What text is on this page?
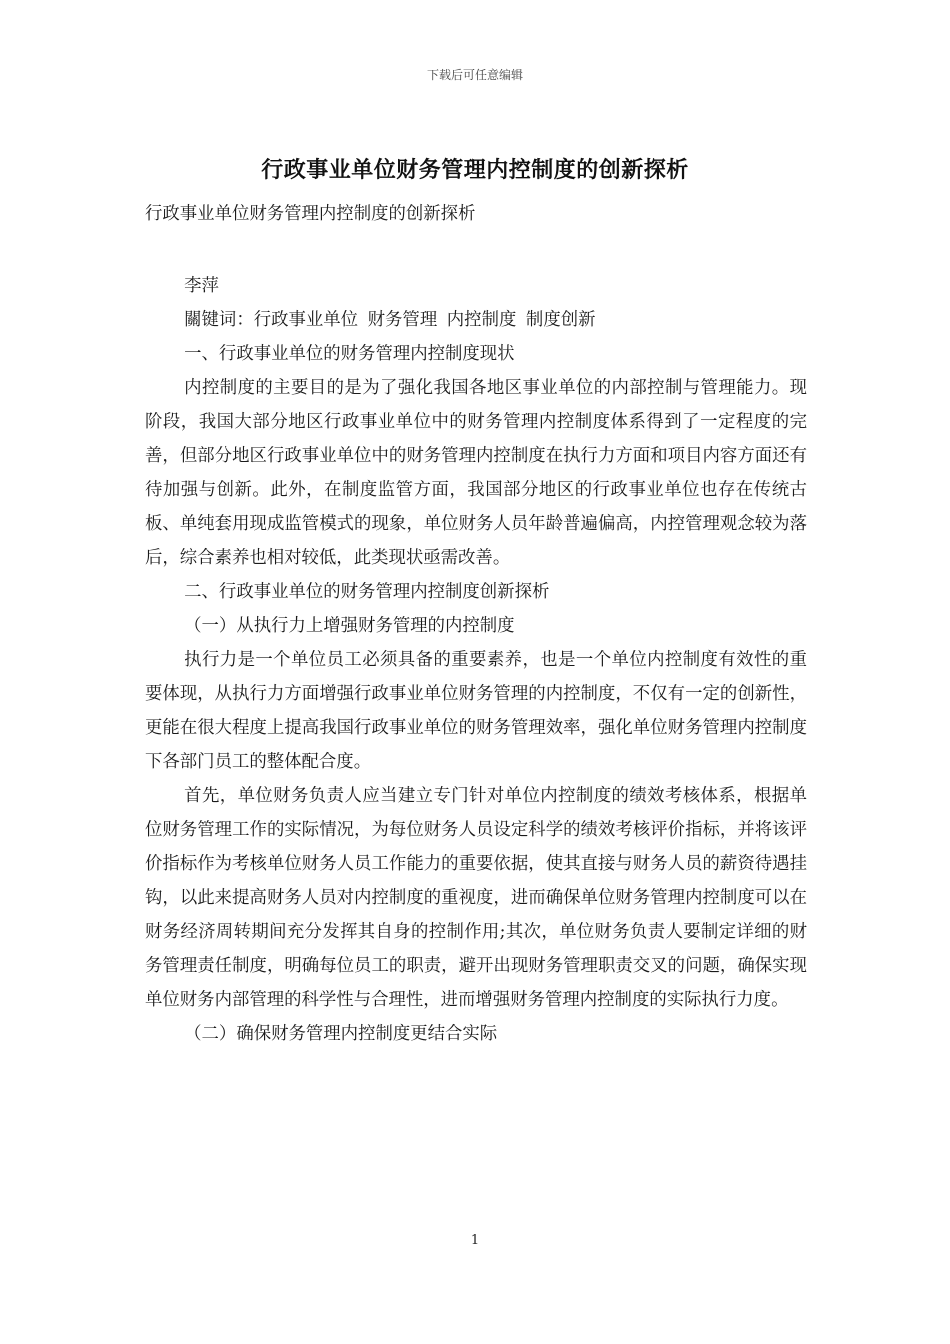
下载后可任意编辑
行政事业单位财务管理内控制度的创新探析

行政事业单位财务管理内控制度的创新探析

李萍

關键词：行政事业单位 财务管理 内控制度 制度创新

一、行政事业单位的财务管理内控制度现状

内控制度的主要目的是为了强化我国各地区事业单位的内部控制与管理能力。现阶段，我国大部分地区行政事业单位中的财务管理内控制度体系得到了一定程度的完善，但部分地区行政事业单位中的财务管理内控制度在执行力方面和项目内容方面还有待加强与创新。此外，在制度监管方面，我国部分地区的行政事业单位也存在传统古板、单纯套用现成监管模式的现象，单位财务人员年龄普遍偏高，内控管理观念较为落后，综合素养也相对较低，此类现状亟需改善。

二、行政事业单位的财务管理内控制度创新探析

（一）从执行力上增强财务管理的内控制度

执行力是一个单位员工必须具备的重要素养，也是一个单位内控制度有效性的重要体现，从执行力方面增强行政事业单位财务管理的内控制度，不仅有一定的创新性，更能在很大程度上提高我国行政事业单位的财务管理效率，强化单位财务管理内控制度下各部门员工的整体配合度。

首先，单位财务负责人应当建立专门针对单位内控制度的绩效考核体系，根据单位财务管理工作的实际情况，为每位财务人员设定科学的绩效考核评价指标，并将该评价指标作为考核单位财务人员工作能力的重要依据，使其直接与财务人员的薪资待遇挂钩，以此来提高财务人员对内控制度的重视度，进而确保单位财务管理内控制度可以在财务经济周转期间充分发挥其自身的控制作用;其次，单位财务负责人要制定详细的财务管理责任制度，明确每位员工的职责，避开出现财务管理职责交叉的问题，确保实现单位财务内部管理的科学性与合理性，进而增强财务管理内控制度的实际执行力度。

（二）确保财务管理内控制度更结合实际

1
